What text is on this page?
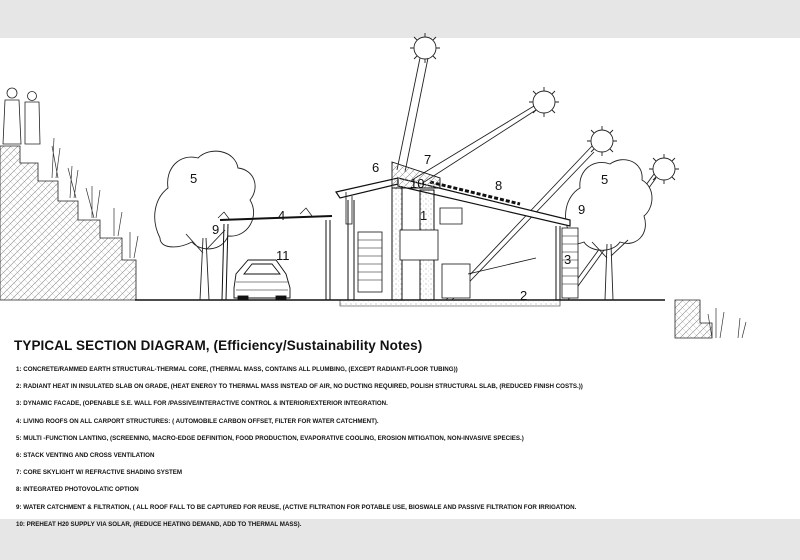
1
2
3
4
5	5
6
7
8
9
9
10
11
TYPICAL SECTION DIAGRAM, (Efficiency/Sustainability Notes)
1: CONCRETE/RAMMED EARTH STRUCTURAL-THERMAL CORE, (THERMAL MASS, CONTAINS ALL PLUMBING, (EXCEPT RADIANT-FLOOR TUBING))
2: RADIANT HEAT IN INSULATED SLAB ON GRADE, (HEAT ENERGY TO THERMAL MASS INSTEAD OF AIR, NO DUCTING REQUIRED, POLISH STRUCTURAL SLAB, (REDUCED FINISH COSTS.))
3: DYNAMIC FACADE, (OPENABLE S.E. WALL FOR /PASSIVE/INTERACTIVE CONTROL & INTERIOR/EXTERIOR INTEGRATION.
4: LIVING ROOFS ON ALL CARPORT STRUCTURES: ( AUTOMOBILE CARBON OFFSET, FILTER FOR WATER CATCHMENT).
5: MULTI -FUNCTION LANTING, (SCREENING, MACRO-EDGE DEFINITION, FOOD PRODUCTION, EVAPORATIVE COOLING, EROSION MITIGATION, NON-INVASIVE SPECIES.)
6: STACK VENTING AND CROSS VENTILATION
7: CORE SKYLIGHT W/ REFRACTIVE SHADING SYSTEM
8: INTEGRATED PHOTOVOLATIC OPTION
9: WATER CATCHMENT & FILTRATION, ( ALL ROOF FALL TO BE CAPTURED FOR REUSE, (ACTIVE FILTRATION FOR POTABLE USE, BIOSWALE AND PASSIVE FILTRATION FOR IRRIGATION.
10: PREHEAT H20 SUPPLY VIA SOLAR, (REDUCE HEATING DEMAND, ADD TO THERMAL MASS).
